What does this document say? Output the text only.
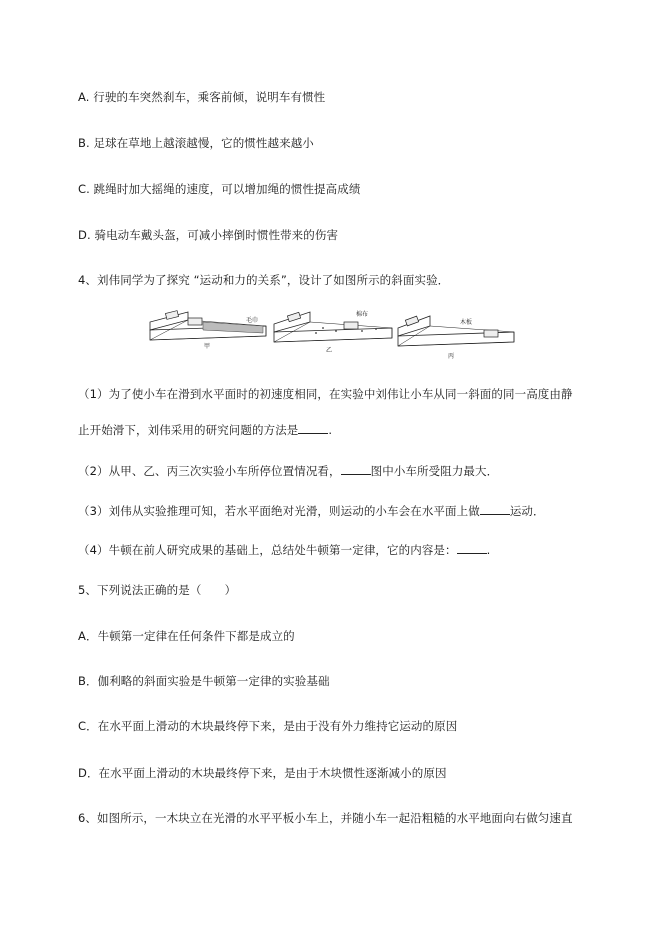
A. 行驶的车突然刹车，乘客前倾，说明车有惯性
B. 足球在草地上越滚越慢，它的惯性越来越小
C. 跳绳时加大摇绳的速度，可以增加绳的惯性提高成绩
D. 骑电动车戴头盔，可减小摔倒时惯性带来的伤害
4、刘伟同学为了探究 “运动和力的关系”，设计了如图所示的斜面实验．
毛巾
甲
棉布
乙
木板
丙
（1）为了使小车在滑到水平面时的初速度相同，在实验中刘伟让小车从同一斜面的同一高度由静
止开始滑下，刘伟采用的研究问题的方法是	.
（2）从甲、乙、丙三次实验小车所停位置情况看，	图中小车所受阻力最大．
（3）刘伟从实验推理可知，若水平面绝对光滑，则运动的小车会在水平面上做	运动．
（4）牛顿在前人研究成果的基础上，总结处牛顿第一定律，它的内容是：	.
5、下列说法正确的是（　　）
A．牛顿第一定律在任何条件下都是成立的
B．伽利略的斜面实验是牛顿第一定律的实验基础
C．在水平面上滑动的木块最终停下来，是由于没有外力维持它运动的原因
D．在水平面上滑动的木块最终停下来，是由于木块惯性逐渐减小的原因
6、如图所示，一木块立在光滑的水平平板小车上，并随小车一起沿粗糙的水平地面向右做匀速直
